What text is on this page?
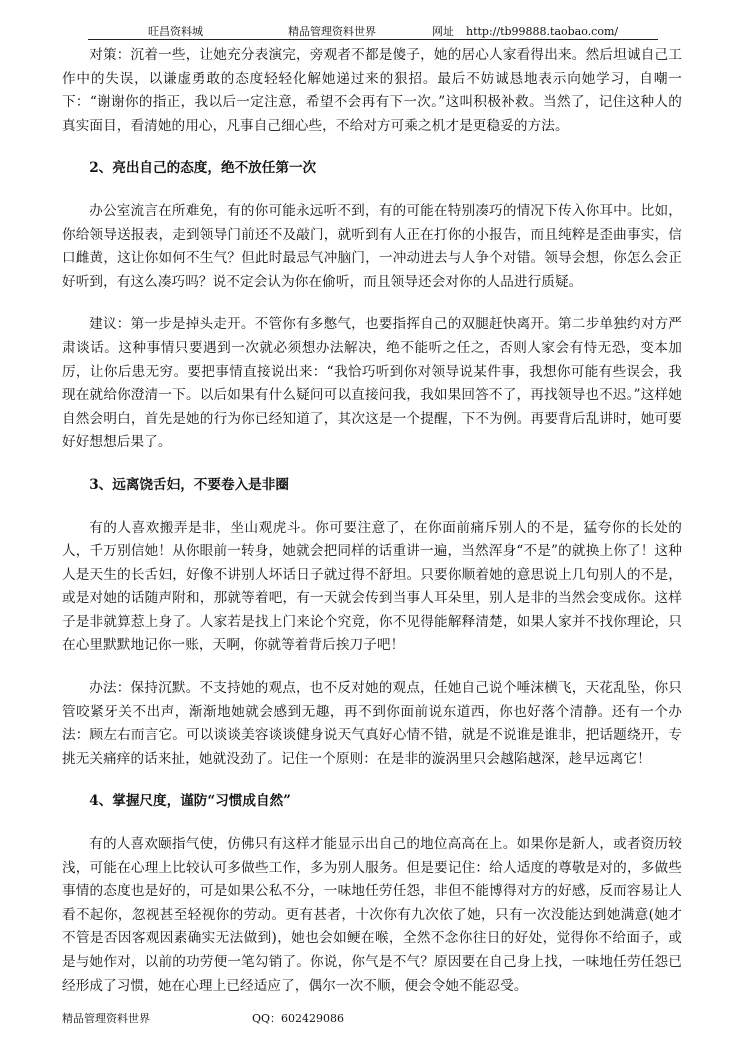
旺昌资料城	精品管理资料世界	网址 http://tb99888.taobao.com/

对策：沉着一些，让她充分表演完，旁观者不都是傻子，她的居心人家看得出来。然后坦诚自己工作中的失误，以谦虚勇敢的态度轻轻化解她递过来的狠招。最后不妨诚恳地表示向她学习，自嘲一下：“谢谢你的指正，我以后一定注意，希望不会再有下一次。”这叫积极补救。当然了，记住这种人的真实面目，看清她的用心，凡事自己细心些，不给对方可乘之机才是更稳妥的方法。

2、亮出自己的态度，绝不放任第一次

办公室流言在所难免，有的你可能永远听不到，有的可能在特别凑巧的情况下传入你耳中。比如，你给领导送报表，走到领导门前还不及敲门，就听到有人正在打你的小报告，而且纯粹是歪曲事实，信口雌黄，这让你如何不生气？但此时最忌气冲脑门，一冲动进去与人争个对错。领导会想，你怎么会正好听到，有这么凑巧吗？说不定会认为你在偷听，而且领导还会对你的人品进行质疑。

建议：第一步是掉头走开。不管你有多憋气，也要指挥自己的双腿赶快离开。第二步单独约对方严肃谈话。这种事情只要遇到一次就必须想办法解决，绝不能听之任之，否则人家会有恃无恐，变本加厉，让你后患无穷。要把事情直接说出来：“我恰巧听到你对领导说某件事，我想你可能有些误会，我现在就给你澄清一下。以后如果有什么疑问可以直接问我，我如果回答不了，再找领导也不迟。”这样她自然会明白，首先是她的行为你已经知道了，其次这是一个提醒，下不为例。再要背后乱讲时，她可要好好想想后果了。

3、远离饶舌妇，不要卷入是非圈

有的人喜欢搬弄是非，坐山观虎斗。你可要注意了，在你面前痛斥别人的不是，猛夸你的长处的人，千万别信她！从你眼前一转身，她就会把同样的话重讲一遍，当然浑身“不是”的就换上你了！这种人是天生的长舌妇，好像不讲别人坏话日子就过得不舒坦。只要你顺着她的意思说上几句别人的不是，或是对她的话随声附和，那就等着吧，有一天就会传到当事人耳朵里，别人是非的当然会变成你。这样子是非就算惹上身了。人家若是找上门来论个究竟，你不见得能解释清楚，如果人家并不找你理论，只在心里默默地记你一账，天啊，你就等着背后挨刀子吧！

办法：保持沉默。不支持她的观点，也不反对她的观点，任她自己说个唾沫横飞，天花乱坠，你只管咬紧牙关不出声，渐渐地她就会感到无趣，再不到你面前说东道西，你也好落个清静。还有一个办法：顾左右而言它。可以谈谈美容谈谈健身说天气真好心情不错，就是不说谁是谁非，把话题绕开，专挑无关痛痒的话来扯，她就没劲了。记住一个原则：在是非的漩涡里只会越陷越深，趁早远离它！

4、掌握尺度，谨防“习惯成自然”

有的人喜欢颐指气使，仿佛只有这样才能显示出自己的地位高高在上。如果你是新人，或者资历较浅，可能在心理上比较认可多做些工作，多为别人服务。但是要记住：给人适度的尊敬是对的，多做些事情的态度也是好的，可是如果公私不分，一味地任劳任怨，非但不能博得对方的好感，反而容易让人看不起你，忽视甚至轻视你的劳动。更有甚者，十次你有九次依了她，只有一次没能达到她满意(她才不管是否因客观因素确实无法做到)，她也会如鲠在喉，全然不念你往日的好处，觉得你不给面子，或是与她作对，以前的功劳便一笔勾销了。你说，你气是不气？原因要在自己身上找，一味地任劳任怨已经形成了习惯，她在心理上已经适应了，偶尔一次不顺，便会令她不能忍受。

精品管理资料世界	QQ：602429086
